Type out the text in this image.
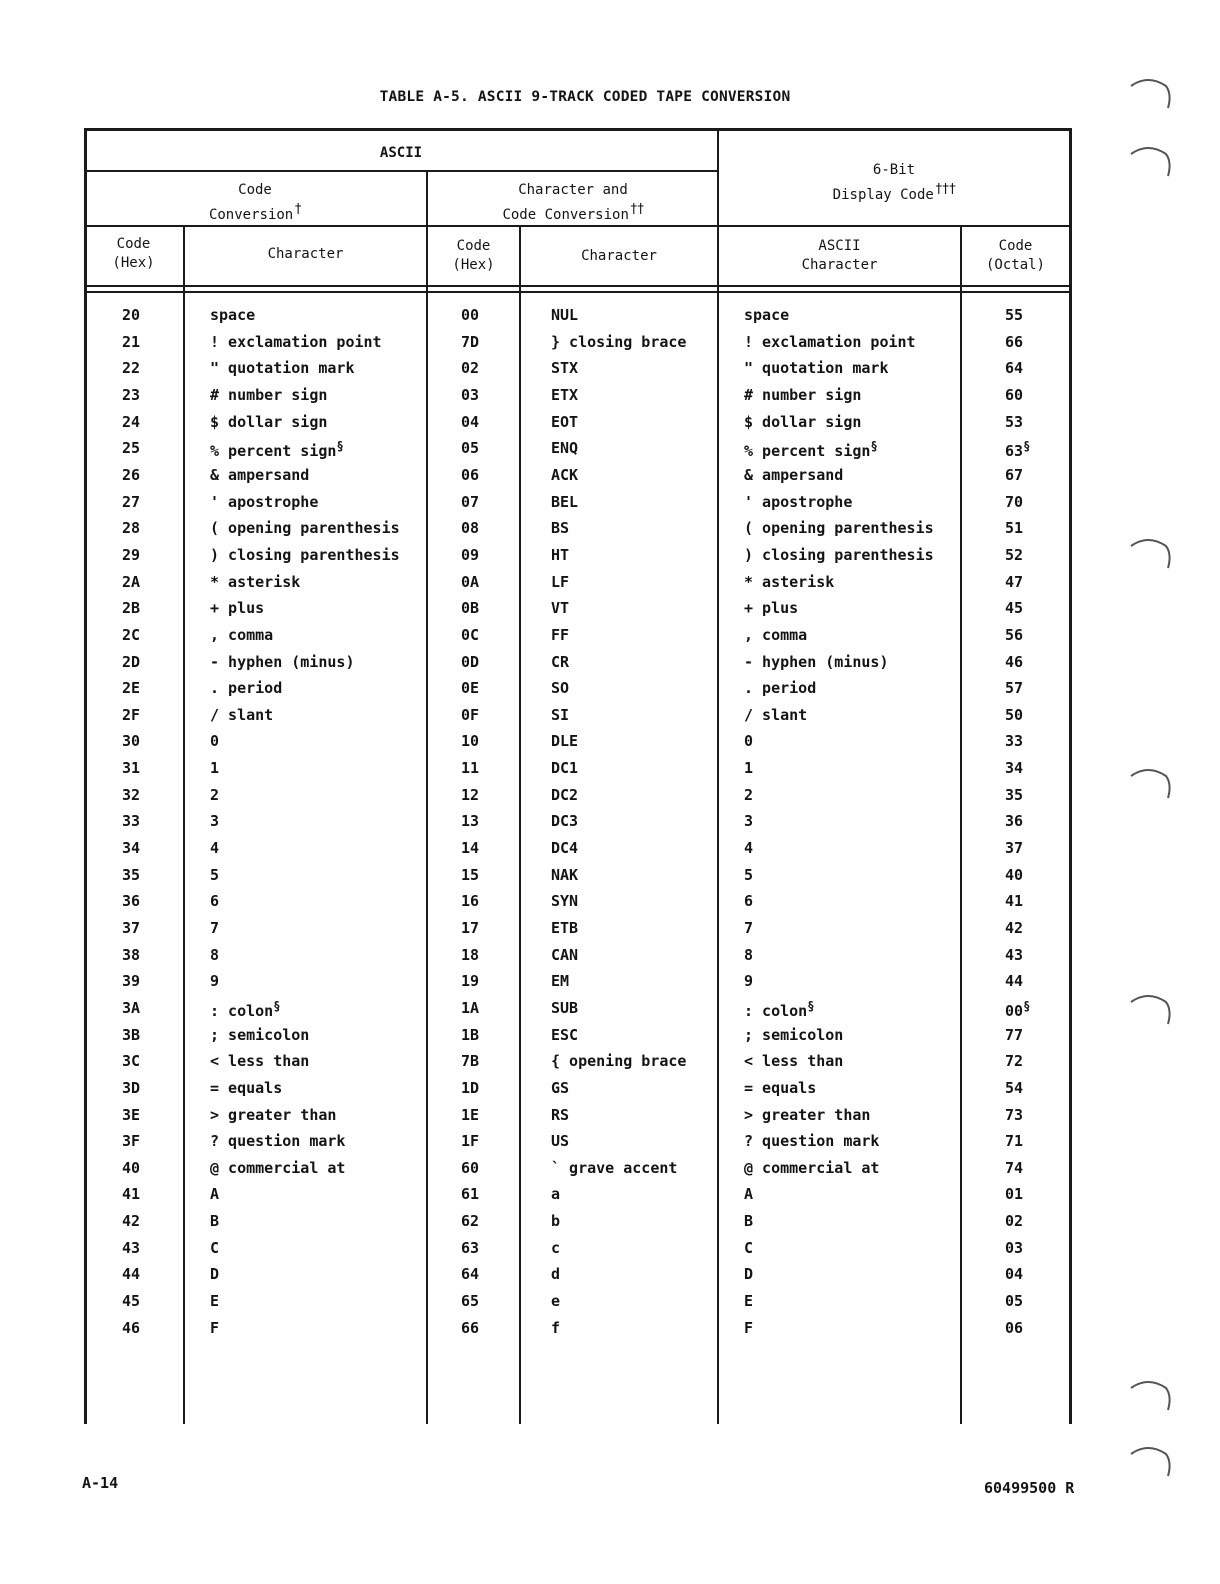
TABLE A-5. ASCII 9-TRACK CODED TAPE CONVERSION
ASCII
Code
Conversion†
Character and
Code Conversion††
6-Bit
Display Code†††
Code
(Hex)
Character	Code
(Hex)
Character
ASCII
Character
Code
(Octal)
20	space	00	NUL	space	55
21	! exclamation point	7D	} closing brace	! exclamation point	66
22	" quotation mark	02	STX	" quotation mark	64
23	# number sign	03	ETX	# number sign	60
24	$ dollar sign	04	EOT	$ dollar sign	53
25	% percent sign§	05	ENQ	% percent sign§	63§
26	& ampersand	06	ACK	& ampersand	67
27	' apostrophe	07	BEL	' apostrophe	70
28	( opening parenthesis	08	BS	( opening parenthesis	51
29	) closing parenthesis	09	HT	) closing parenthesis	52
2A	* asterisk	0A	LF	* asterisk	47
2B	+ plus	0B	VT	+ plus	45
2C	, comma	0C	FF	, comma	56
2D	- hyphen (minus)	0D	CR	- hyphen (minus)	46
2E	. period	0E	SO	. period	57
2F	/ slant	0F	SI	/ slant	50
30	0	10	DLE	0	33
31	1	11	DC1	1	34
32	2	12	DC2	2	35
33	3	13	DC3	3	36
34	4	14	DC4	4	37
35	5	15	NAK	5	40
36	6	16	SYN	6	41
37	7	17	ETB	7	42
38	8	18	CAN	8	43
39	9	19	EM	9	44
3A	: colon§	1A	SUB	: colon§	00§
3B	; semicolon	1B	ESC	; semicolon	77
3C	< less than	7B	{ opening brace	< less than	72
3D	= equals	1D	GS	= equals	54
3E	> greater than	1E	RS	> greater than	73
3F	? question mark	1F	US	? question mark	71
40	@ commercial at	60	` grave accent	@ commercial at	74
41	A	61	a	A	01
42	B	62	b	B	02
43	C	63	c	C	03
44	D	64	d	D	04
45	E	65	e	E	05
46	F	66	f	F	06
A-14	60499500 R
